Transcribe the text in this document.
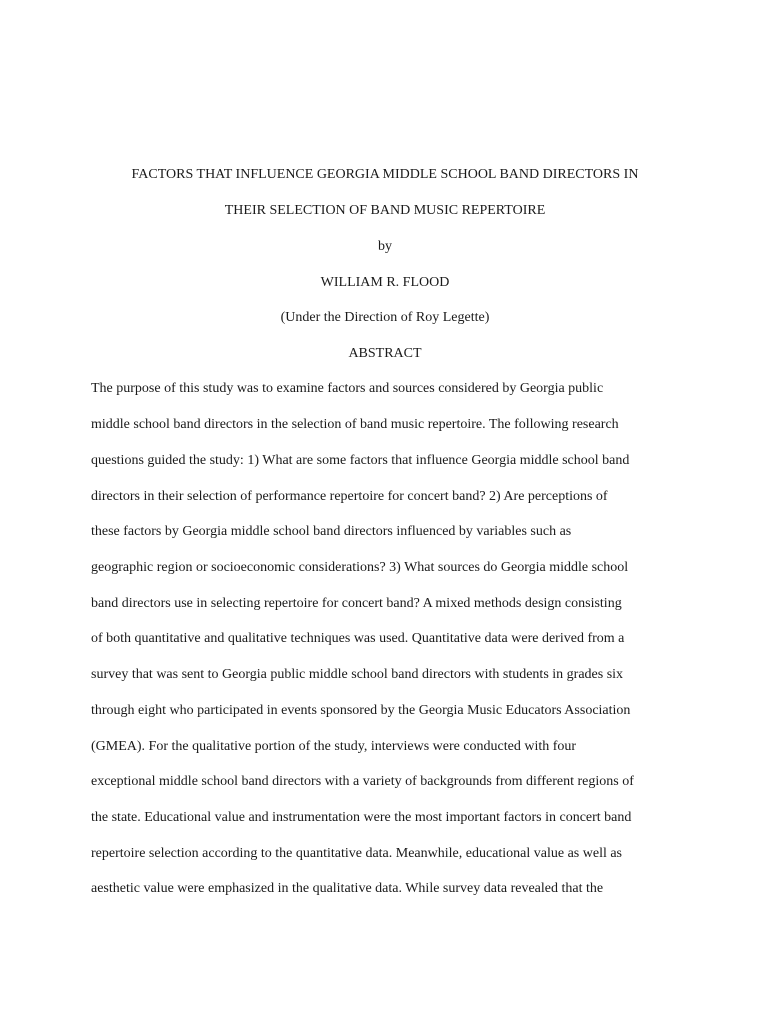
FACTORS THAT INFLUENCE GEORGIA MIDDLE SCHOOL BAND DIRECTORS IN
THEIR SELECTION OF BAND MUSIC REPERTOIRE
by
WILLIAM R. FLOOD
(Under the Direction of Roy Legette)
ABSTRACT
The purpose of this study was to examine factors and sources considered by Georgia public
middle school band directors in the selection of band music repertoire. The following research
questions guided the study: 1) What are some factors that influence Georgia middle school band
directors in their selection of performance repertoire for concert band? 2) Are perceptions of
these factors by Georgia middle school band directors influenced by variables such as
geographic region or socioeconomic considerations? 3) What sources do Georgia middle school
band directors use in selecting repertoire for concert band? A mixed methods design consisting
of both quantitative and qualitative techniques was used. Quantitative data were derived from a
survey that was sent to Georgia public middle school band directors with students in grades six
through eight who participated in events sponsored by the Georgia Music Educators Association
(GMEA). For the qualitative portion of the study, interviews were conducted with four
exceptional middle school band directors with a variety of backgrounds from different regions of
the state. Educational value and instrumentation were the most important factors in concert band
repertoire selection according to the quantitative data. Meanwhile, educational value as well as
aesthetic value were emphasized in the qualitative data. While survey data revealed that the
